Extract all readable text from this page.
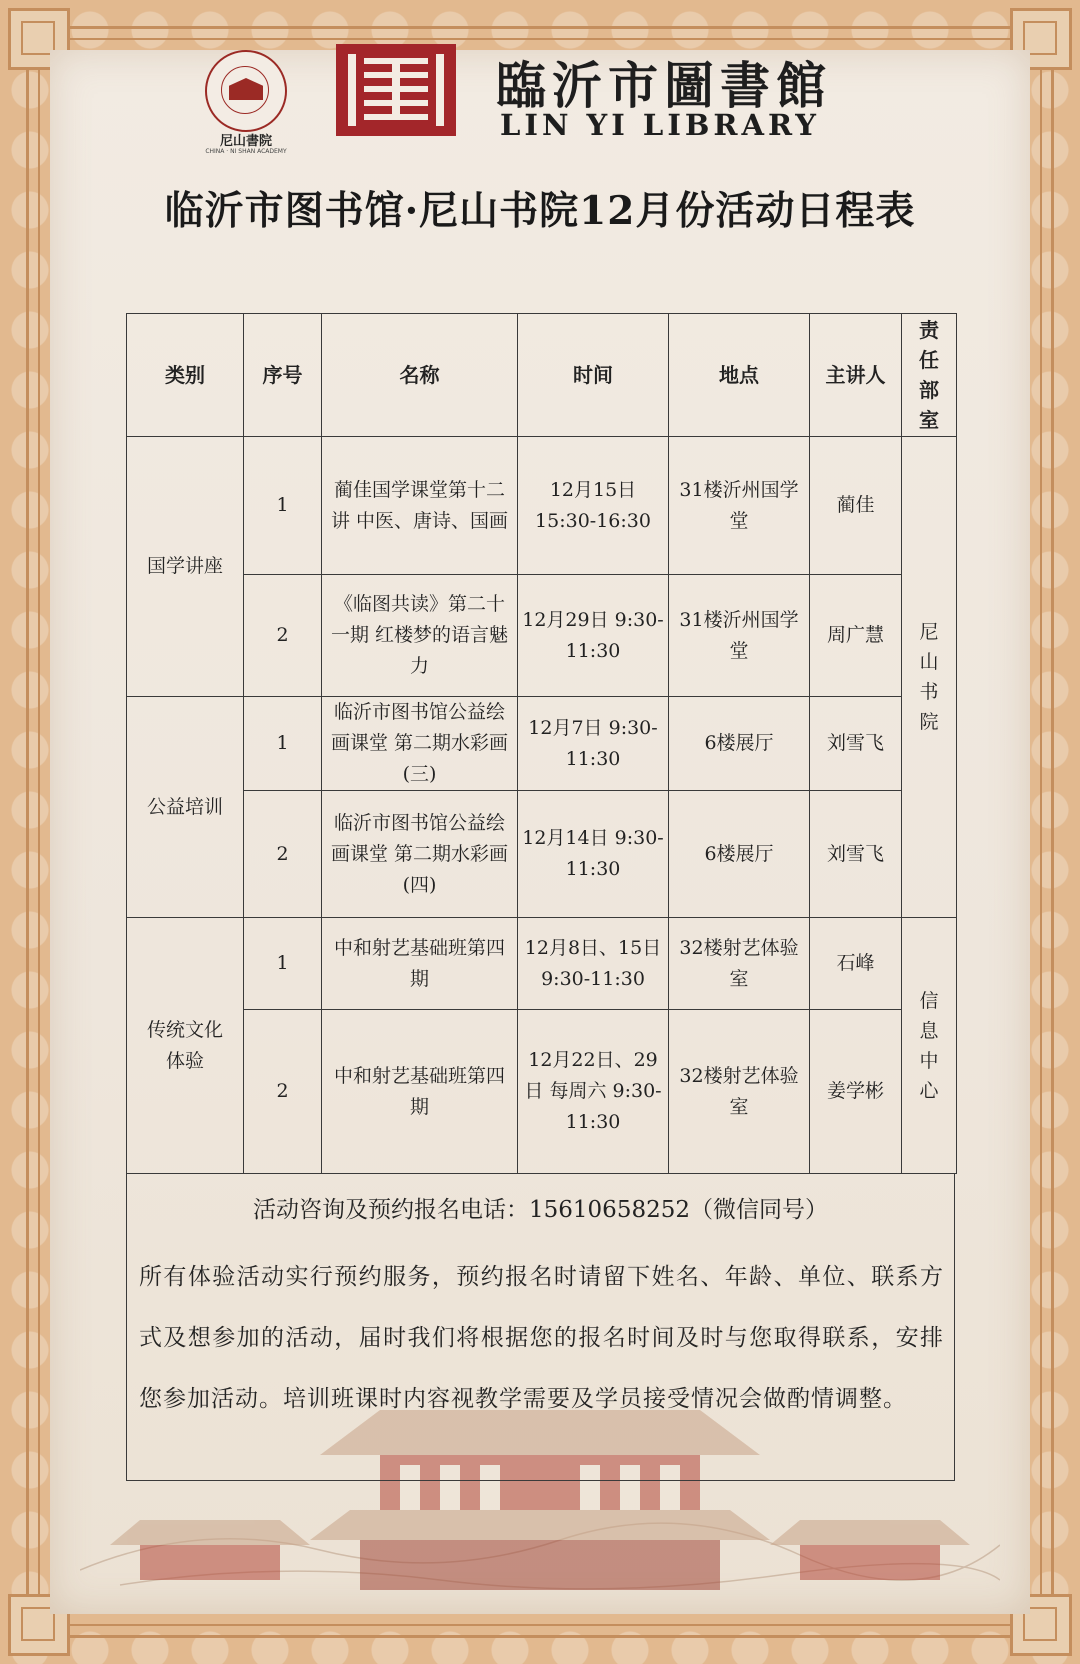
尼山書院
CHINA · NI SHAN ACADEMY
臨沂市圖書館
LIN YI LIBRARY
临沂市图书馆·尼山书院12月份活动日程表
类别	序号	名称	时间	地点	主讲人	责任部室
国学讲座	1	蔺佳国学课堂第十二讲 中医、唐诗、国画	12月15日 15:30-16:30	31楼沂州国学堂	蔺佳	尼山书院
	2	《临图共读》第二十一期 红楼梦的语言魅力	12月29日 9:30-11:30	31楼沂州国学堂	周广慧	
公益培训	1	临沂市图书馆公益绘画课堂 第二期水彩画(三)	12月7日 9:30-11:30	6楼展厅	刘雪飞	
	2	临沂市图书馆公益绘画课堂 第二期水彩画(四)	12月14日 9:30-11:30	6楼展厅	刘雪飞	
传统文化体验	1	中和射艺基础班第四期	12月8日、15日 9:30-11:30	32楼射艺体验室	石峰	信息中心
	2	中和射艺基础班第四期	12月22日、29日 每周六 9:30-11:30	32楼射艺体验室	姜学彬	
活动咨询及预约报名电话：15610658252（微信同号）
所有体验活动实行预约服务，预约报名时请留下姓名、年龄、单位、联系方式及想参加的活动，届时我们将根据您的报名时间及时与您取得联系，安排您参加活动。培训班课时内容视教学需要及学员接受情况会做酌情调整。
